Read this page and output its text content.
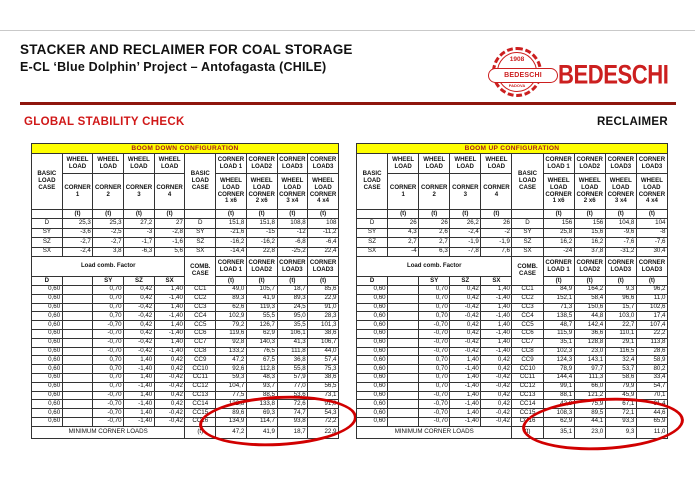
STACKER AND RECLAIMER FOR COAL STORAGE
E-CL ‘Blue Dolphin’ Project – Antofagasta (CHILE)
1908
PADOVA
BEDESCHI BEDESCHI
GLOBAL STABILITY CHECK	RECLAIMER
BOOM DOWN CONFIGURATION									
BASIC LOAD CASE	WHEEL LOAD	WHEEL LOAD	WHEEL LOAD	WHEEL LOAD	BASIC LOAD CASE	CORNER LOAD 1	CORNER LOAD2	CORNER LOAD3	CORNER LOAD3
	CORNER 1	CORNER 2	CORNER 3	CORNER 4		WHEEL LOAD CORNER 1 x6	WHEEL LOAD CORNER 2 x6	WHEEL LOAD CORNER 3 x4	WHEEL LOAD CORNER 4 x4
	(t)	(t)	(t)	(t)		(t)	(t)	(t)	(t)
D	25,3	25,3	27,2	27	D	151,8	151,8	108,8	108
SY	-3,6	-2,5	-3	-2,8	SY	-21,6	-15	-12	-11,2
SZ	-2,7	-2,7	-1,7	-1,6	SZ	-16,2	-16,2	-6,8	-6,4
SX	-2,4	3,8	-6,3	5,6	SX	-14,4	22,8	-25,2	22,4
Load comb. Factor					COMB. CASE	CORNER LOAD 1	CORNER LOAD2	CORNER LOAD3	CORNER LOAD3
D		SY	SZ	SX		(t)	(t)	(t)	(t)
0,60		0,70	0,42	1,40	CC1	49,0	105,7	18,7	85,6
0,60		0,70	0,42	-1,40	CC2	89,3	41,9	89,3	22,9
0,60		0,70	-0,42	1,40	CC3	62,6	119,3	24,5	91,0
0,60		0,70	-0,42	-1,40	CC4	102,9	55,5	95,0	28,3
0,60		-0,70	0,42	1,40	CC5	79,2	126,7	35,5	101,3
0,60		-0,70	0,42	-1,40	CC6	119,6	62,9	106,1	38,6
0,60		-0,70	-0,42	1,40	CC7	92,8	140,3	41,3	106,7
0,60		-0,70	-0,42	-1,40	CC8	133,2	76,5	111,8	44,0
0,60		0,70	1,40	0,42	CC9	47,2	67,5	36,8	57,4
0,60		0,70	-1,40	0,42	CC10	92,6	112,8	55,8	75,3
0,60		0,70	1,40	-0,42	CC11	59,3	48,3	57,9	38,6
0,60		0,70	-1,40	-0,42	CC12	104,7	93,7	77,0	56,5
0,60		-0,70	1,40	0,42	CC13	77,5	88,5	53,6	73,1
0,60		-0,70	-1,40	0,42	CC14	122,8	133,8	72,6	91,0
0,60		-0,70	1,40	-0,42	CC15	89,6	69,3	74,7	54,3
0,60		-0,70	-1,40	-0,42	CC16	134,9	114,7	93,8	72,2
MINIMUM CORNER LOADS					(t)	47,2	41,9	18,7	22,9
BOOM UP CONFIGURATION									
BASIC LOAD CASE	WHEEL LOAD	WHEEL LOAD	WHEEL LOAD	WHEEL LOAD	BASIC LOAD CASE	CORNER LOAD 1	CORNER LOAD2	CORNER LOAD3	CORNER LOAD3
	CORNER 1	CORNER 2	CORNER 3	CORNER 4		WHEEL LOAD CORNER 1 x6	WHEEL LOAD CORNER 2 x6	WHEEL LOAD CORNER 3 x4	WHEEL LOAD CORNER 4 x4
	(t)	(t)	(t)	(t)		(t)	(t)	(t)	(t)
D	26	26	26,2	26	D	156	156	104,8	104
SY	4,3	2,6	-2,4	-2	SY	25,8	15,6	-9,6	-8
SZ	2,7	2,7	-1,9	-1,9	SZ	16,2	16,2	-7,6	-7,6
SX	-4	6,3	-7,8	7,6	SX	-24	37,8	-31,2	30,4
Load comb. Factor					COMB. CASE	CORNER LOAD 1	CORNER LOAD2	CORNER LOAD3	CORNER LOAD3
D		SY	SZ	SX		(t)	(t)	(t)	(t)
0,60		0,70	0,42	1,40	CC1	84,9	164,2	9,3	96,2
0,60		0,70	0,42	-1,40	CC2	152,1	58,4	96,6	11,0
0,60		0,70	-0,42	1,40	CC3	71,3	150,6	15,7	102,6
0,60		0,70	-0,42	-1,40	CC4	138,5	44,8	103,0	17,4
0,60		-0,70	0,42	1,40	CC5	48,7	142,4	22,7	107,4
0,60		-0,70	0,42	-1,40	CC6	115,9	36,6	110,1	22,2
0,60		-0,70	-0,42	1,40	CC7	35,1	128,8	29,1	113,8
0,60		-0,70	-0,42	-1,40	CC8	102,3	23,0	116,5	28,6
0,60		0,70	1,40	0,42	CC9	124,3	143,1	32,4	58,9
0,60		0,70	-1,40	0,42	CC10	78,9	97,7	53,7	80,2
0,60		0,70	1,40	-0,42	CC11	144,4	111,3	58,6	33,4
0,60		0,70	-1,40	-0,42	CC12	99,1	66,0	79,9	54,7
0,60		-0,70	1,40	0,42	CC13	88,1	121,2	45,9	70,1
0,60		-0,70	-1,40	0,42	CC14	42,8	75,9	67,1	91,4
0,60		-0,70	1,40	-0,42	CC15	108,3	89,5	72,1	44,6
0,60		-0,70	-1,40	-0,42	CC16	62,9	44,1	93,3	65,9
MINIMUM CORNER LOADS					(t)	35,1	23,0	9,3	11,0
